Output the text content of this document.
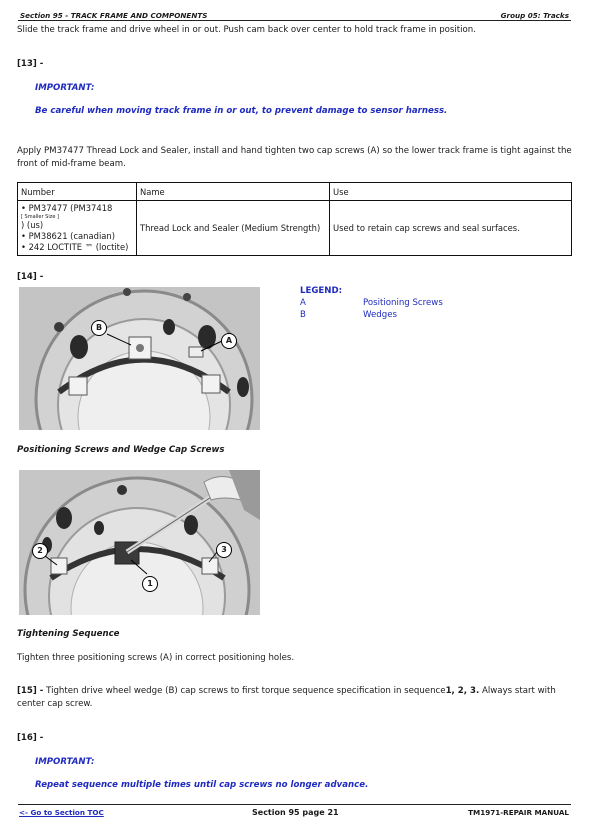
Section 95 - TRACK FRAME AND COMPONENTS	Group 05: Tracks
Slide the track frame and drive wheel in or out. Push cam back over center to hold track frame in position.
[13] -
IMPORTANT:
Be careful when moving track frame in or out, to prevent damage to sensor harness.
Apply PM37477 Thread Lock and Sealer, install and hand tighten two cap screws (A) so the lower track frame is tight against the front of mid-frame beam.
Number	Name	Use

• PM37477 (PM37418
[ Smaller Size ]
) (us)
• PM38621 (canadian)
• 242 LOCTITE ™ (loctite)	Thread Lock and Sealer (Medium Strength)	Used to retain cap screws and seal surfaces.
[14] -
B
A
LEGEND:
A	Positioning Screws
B	Wedges
Positioning Screws and Wedge Cap Screws
2
1
3
Tightening Sequence
Tighten three positioning screws (A) in correct positioning holes.
[15] - Tighten drive wheel wedge (B) cap screws to first torque sequence specification in sequence1, 2, 3. Always start with center cap screw.
[16] -
IMPORTANT:
Repeat sequence multiple times until cap screws no longer advance.
<- Go to Section TOC	Section 95 page 21	TM1971-REPAIR MANUAL
